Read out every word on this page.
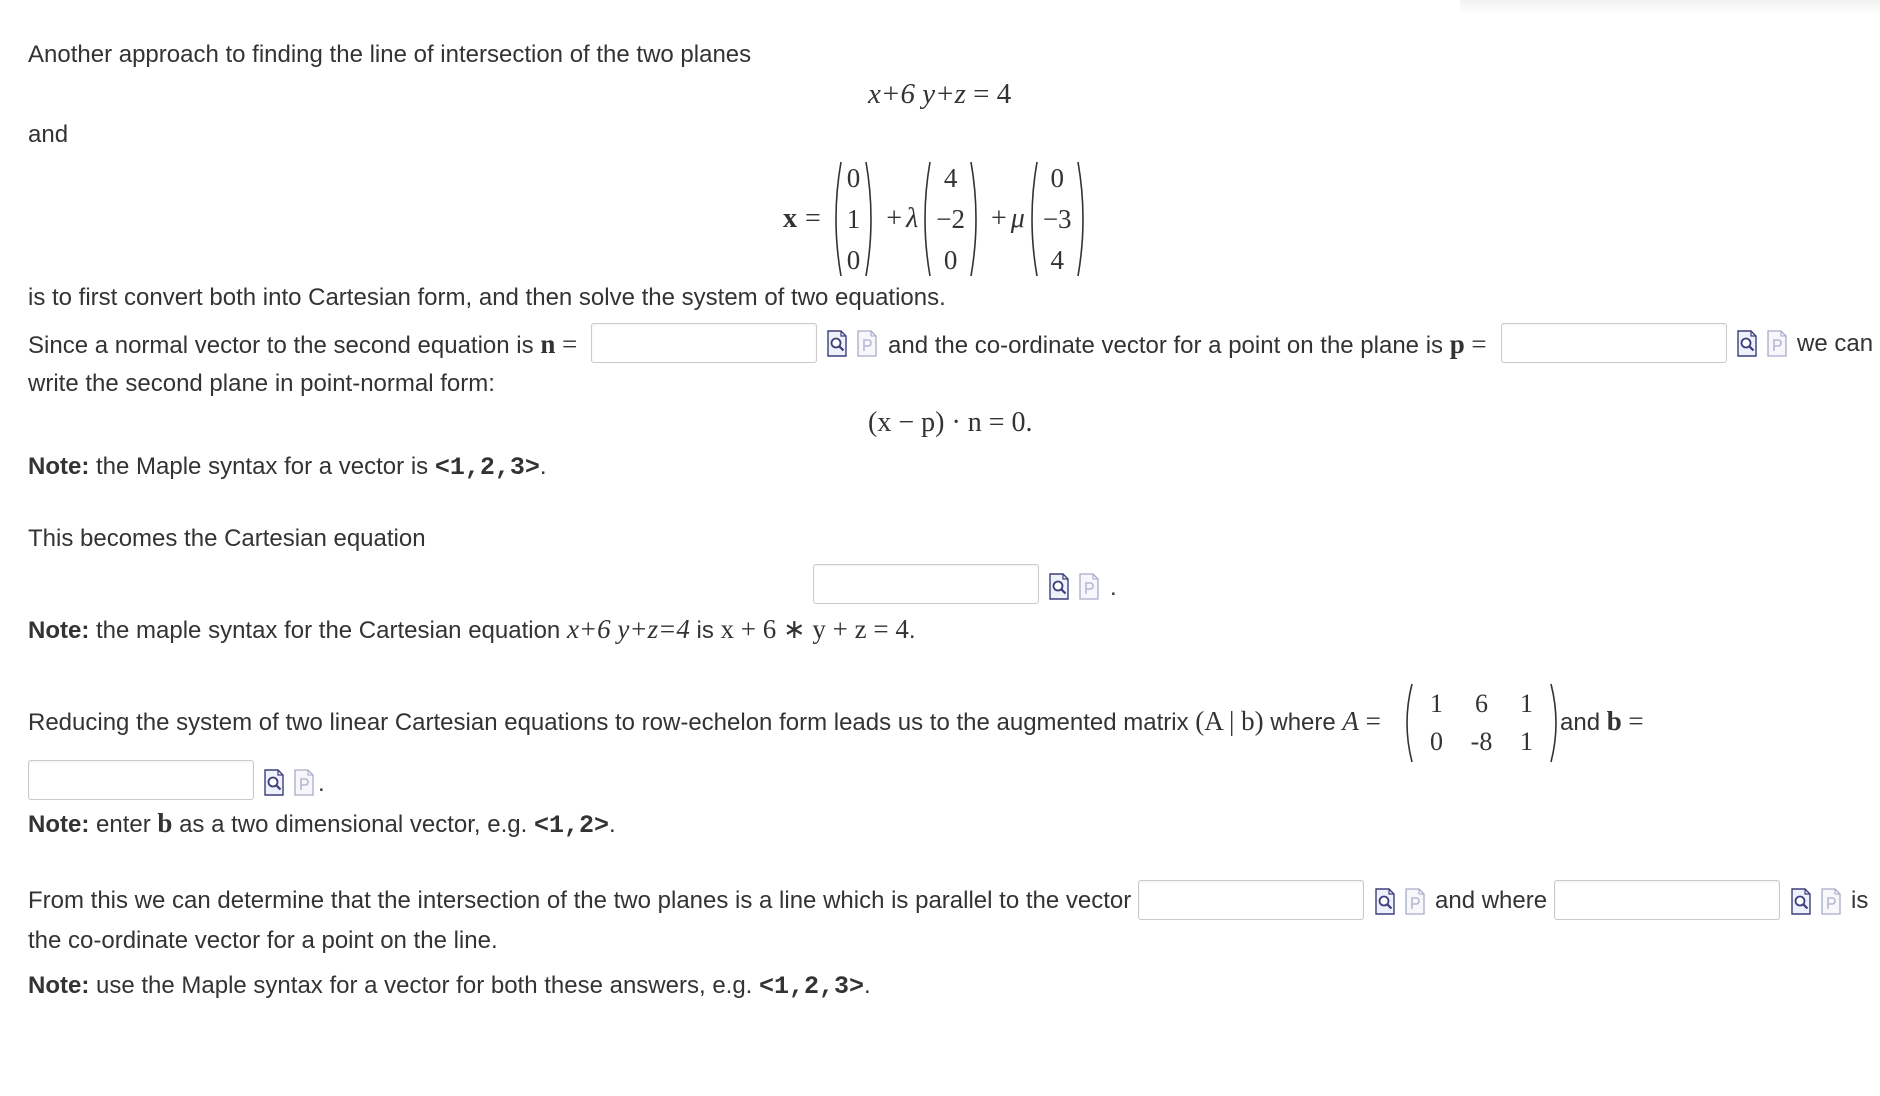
Another approach to finding the line of intersection of the two planes
x+6 y+z = 4
and
x =
0
1
0
+ λ
4
−2
0
+ μ
0
−3
4
is to first convert both into Cartesian form, and then solve the system of two equations.
Since a normal vector to the second equation is n =	and the co-ordinate vector for a point on the plane is p =	we can
write the second plane in point-normal form:
(x − p) · n = 0.
Note: the Maple syntax for a vector is <1,2,3>.
This becomes the Cartesian equation
.
Note: the maple syntax for the Cartesian equation x+6 y+z=4 is x + 6 ∗ y + z = 4.
Reducing the system of two linear Cartesian equations to row-echelon form leads us to the augmented matrix (A | b) where A =
1	6	1
0	-8	1
and b =
.
Note: enter b as a two dimensional vector, e.g. <1,2>.
From this we can determine that the intersection of the two planes is a line which is parallel to the vector	and where	is
the co-ordinate vector for a point on the line.
Note: use the Maple syntax for a vector for both these answers, e.g. <1,2,3>.
